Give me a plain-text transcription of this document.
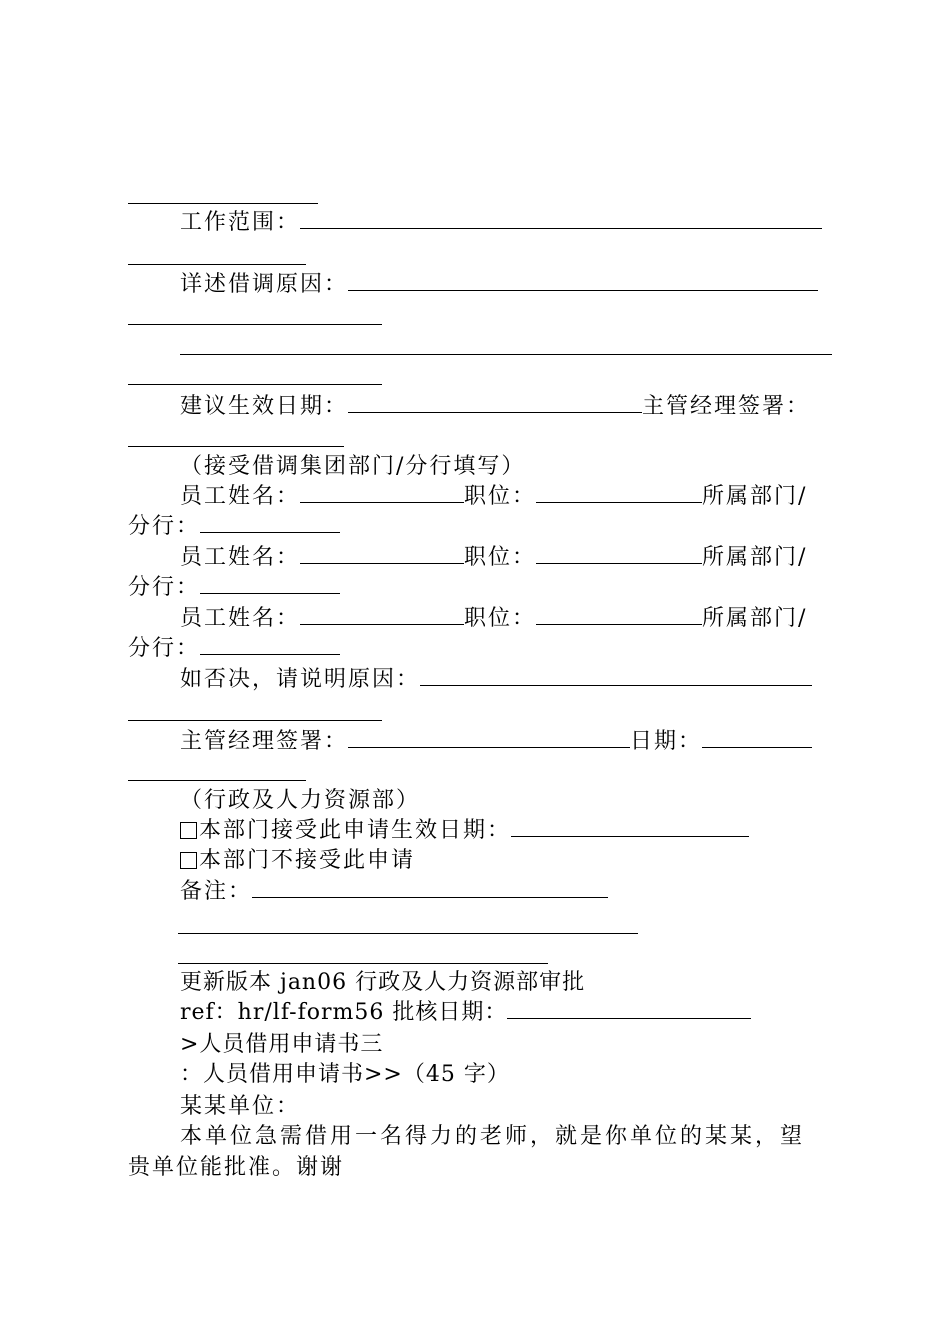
工作范围：
详述借调原因：
建议生效日期：	主管经理签署：
（接受借调集团部门/分行填写）
员工姓名：	职位：	所属部门/
分行：
员工姓名：	职位：	所属部门/
分行：
员工姓名：	职位：	所属部门/
分行：
如否决，请说明原因：
主管经理签署：	日期：
（行政及人力资源部）
本部门接受此申请生效日期：
本部门不接受此申请
备注：
更新版本 jan06 行政及人力资源部审批
ref：hr/lf-form56 批核日期：
>人员借用申请书三
：人员借用申请书>>（45 字）
某某单位：
本单位急需借用一名得力的老师，就是你单位的某某，望
贵单位能批准。谢谢
